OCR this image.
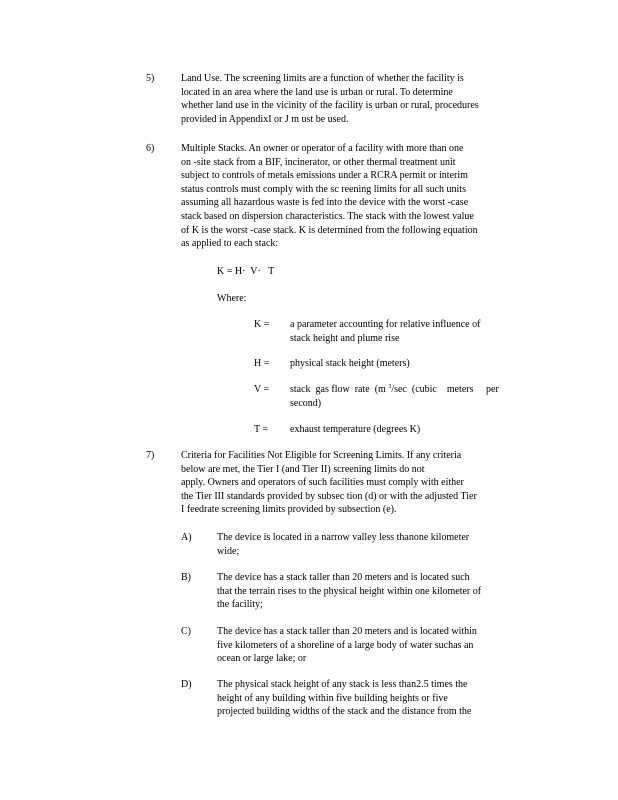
5)	Land Use. The screening limits are a function of whether the facility is
located in an area where the land use is urban or rural. To determine
whether land use in the vicinity of the facility is urban or rural, procedures
provided in AppendixI or J m ust be used.
6)	Multiple Stacks. An owner or operator of a facility with more than one
on -site stack from a BIF, incinerator, or other thermal treatment unit
subject to controls of metals emissions under a RCRA permit or interim
status controls must comply with the sc reening limits for all such units
assuming all hazardous waste is fed into the device with the worst -case
stack based on dispersion characteristics. The stack with the lowest value
of K is the worst -case stack. K is determined from the following equation
as applied to each stack:
K = H·  V·   T
Where:
K = a parameter accounting for relative influence of
stack height and plume rise
H = physical stack height (meters)
V = stack  gas flow  rate  (m $^3$/sec  (cubic    meters     per
second)
T = exhaust temperature (degrees K)
7)	Criteria for Facilities Not Eligible for Screening Limits. If any criteria
below are met, the Tier I (and Tier II) screening limits do not
apply. Owners and operators of such facilities must comply with either
the Tier III standards provided by subsec tion (d) or with the adjusted Tier
I feedrate screening limits provided by subsection (e).
A)	The device is located in a narrow valley less thanone kilometer
wide;
B)	The device has a stack taller than 20 meters and is located such
that the terrain rises to the physical height within one kilometer of
the facility;
C)	The device has a stack taller than 20 meters and is located within
five kilometers of a shoreline of a large body of water suchas an
ocean or large lake; or
D)	The physical stack height of any stack is less than2.5 times the
height of any building within five building heights or five
projected building widths of the stack and the distance from the
